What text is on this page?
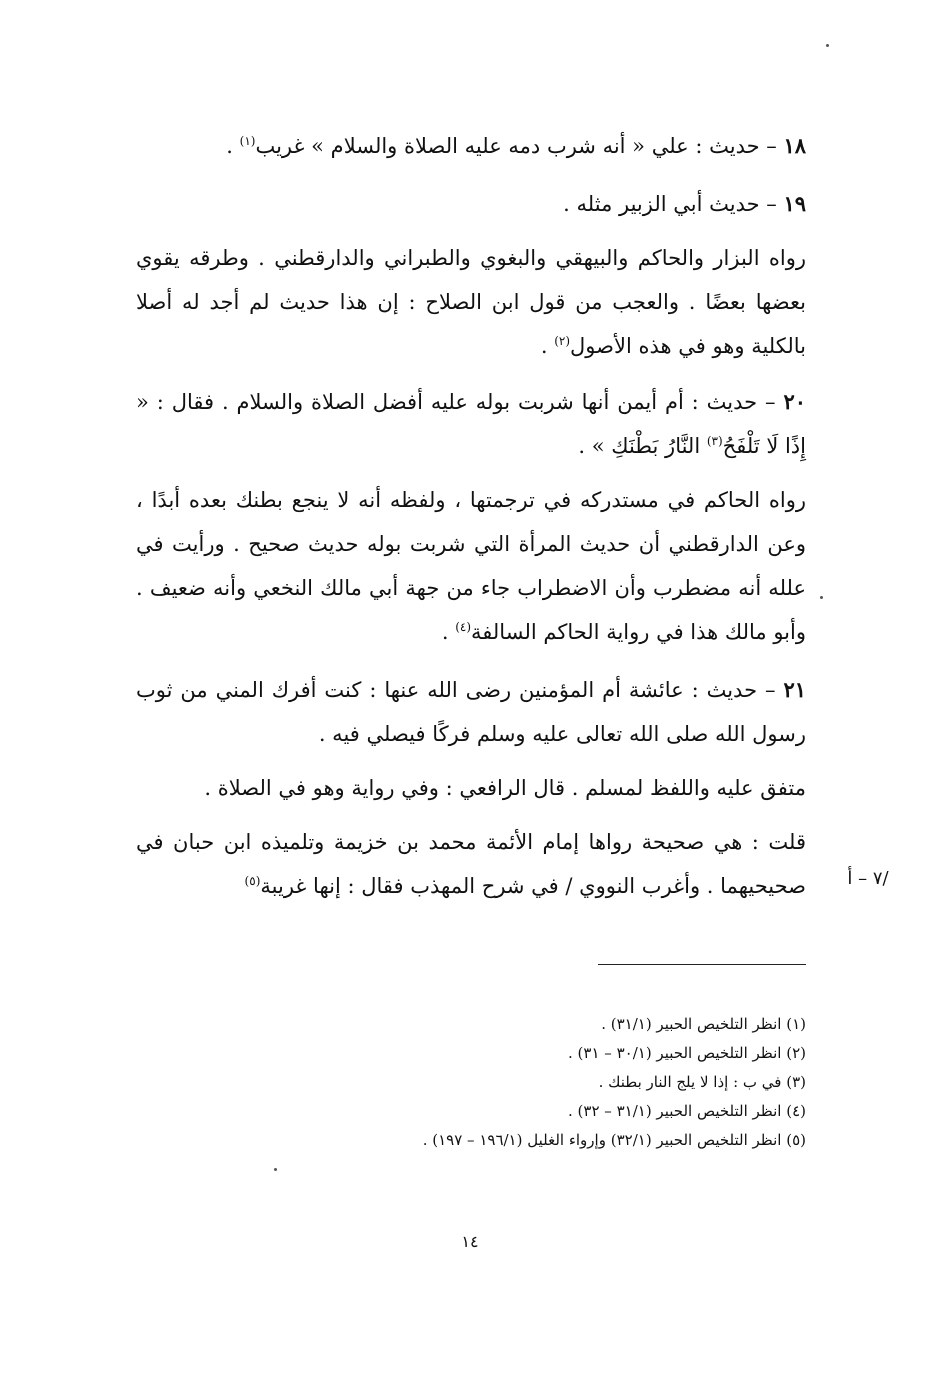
١٨ – حديث : علي « أنه شرب دمه عليه الصلاة والسلام » غريب$^{(١)}$ .
١٩ – حديث أبي الزبير مثله .
رواه البزار والحاكم والبيهقي والبغوي والطبراني والدارقطني . وطرقه يقوي بعضها بعضًا . والعجب من قول ابن الصلاح : إن هذا حديث لم أجد له أصلا بالكلية وهو في هذه الأصول$^{(٢)}$ .
٢٠ – حديث : أم أيمن أنها شربت بوله عليه أفضل الصلاة والسلام . فقال : « إِذًا لَا تَلْفَحُ$^{(٣)}$ النَّارُ بَطْنَكِ » .
رواه الحاكم في مستدركه في ترجمتها ، ولفظه أنه لا ينجع بطنك بعده أبدًا ، وعن الدارقطني أن حديث المرأة التي شربت بوله حديث صحيح . ورأيت في علله أنه مضطرب وأن الاضطراب جاء من جهة أبي مالك النخعي وأنه ضعيف . وأبو مالك هذا في رواية الحاكم السالفة$^{(٤)}$ .
٢١ – حديث : عائشة أم المؤمنين رضى الله عنها : كنت أفرك المني من ثوب رسول الله صلى الله تعالى عليه وسلم فركًا فيصلي فيه .
متفق عليه واللفظ لمسلم . قال الرافعي : وفي رواية وهو في الصلاة .
قلت : هي صحيحة رواها إمام الأئمة محمد بن خزيمة وتلميذه ابن حبان في صحيحيهما . وأغرب النووي / في شرح المهذب فقال : إنها غريبة$^{(٥)}$	/٧ – أ
(١) انظر التلخيص الحبير (٣١/١) .
(٢) انظر التلخيص الحبير (٣٠/١ – ٣١) .
(٣) في ب : إذا لا يلج النار بطنك .
(٤) انظر التلخيص الحبير (٣١/١ – ٣٢) .
(٥) انظر التلخيص الحبير (٣٢/١) وإرواء الغليل (١٩٦/١ – ١٩٧) .
١٤
